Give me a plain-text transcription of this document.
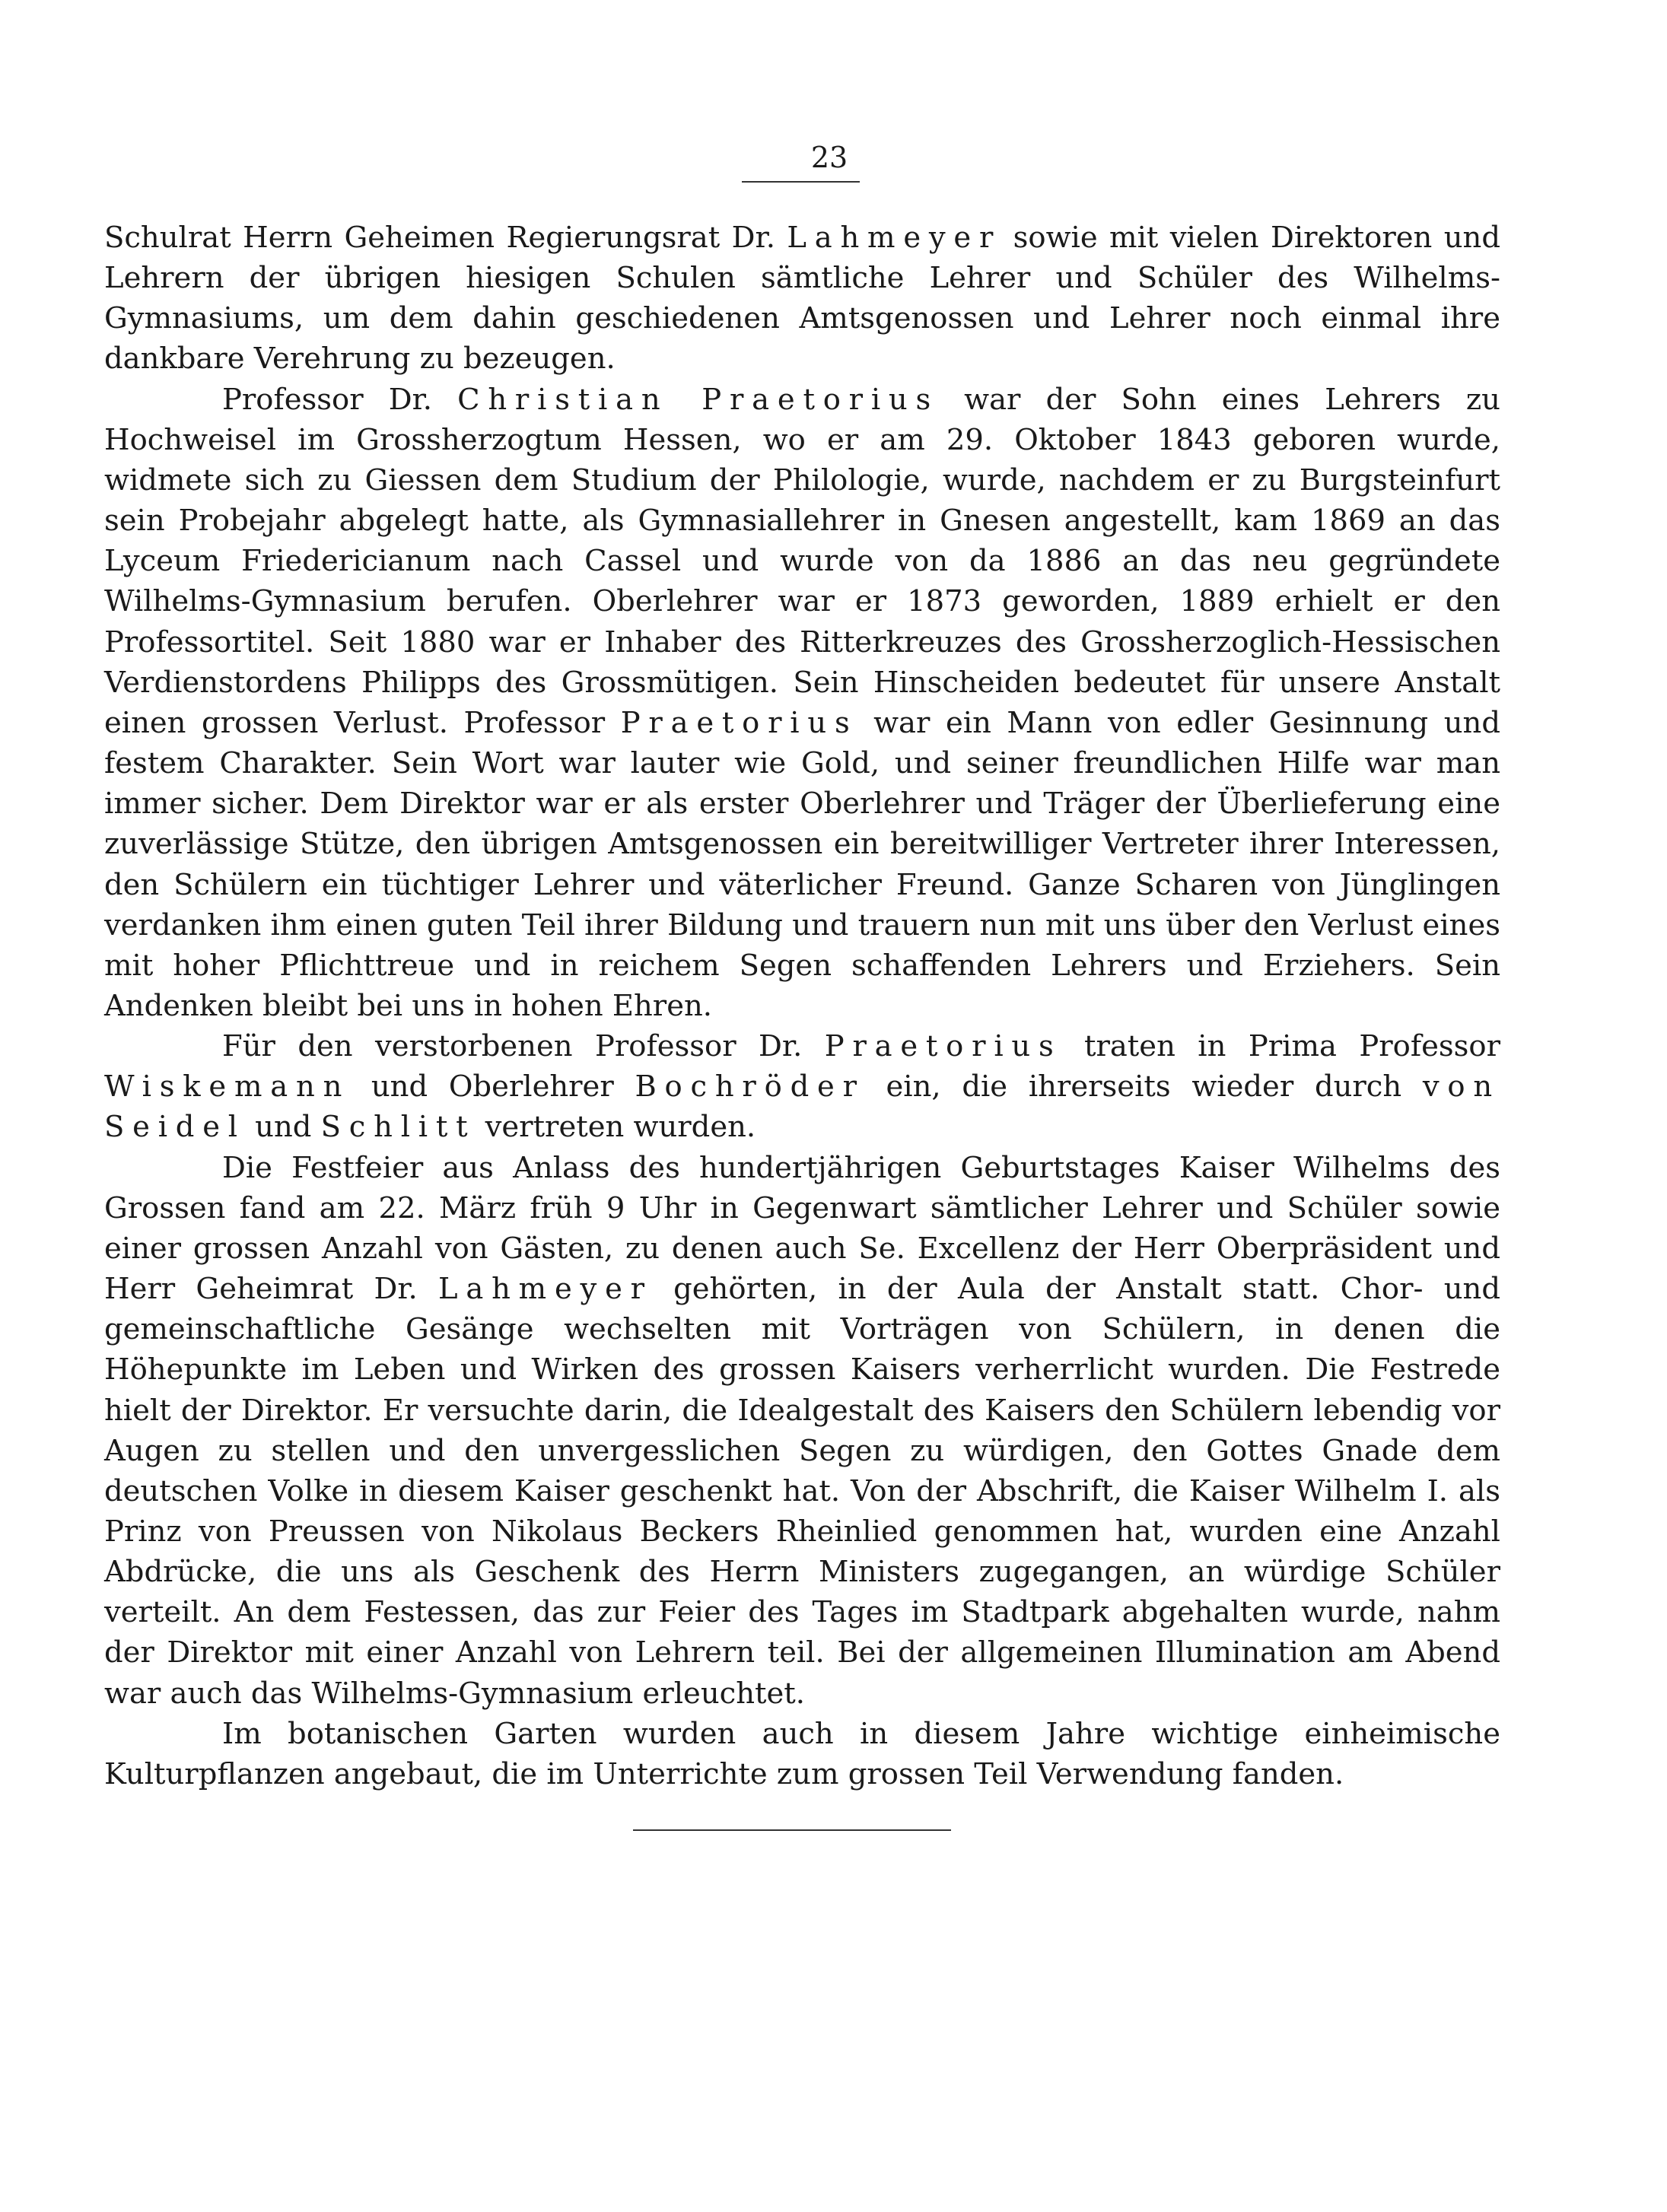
23

Schulrat Herrn Geheimen Regierungsrat Dr. Lahmeyer sowie mit vielen Direktoren und Lehrern der übrigen hiesigen Schulen sämtliche Lehrer und Schüler des Wilhelms-Gymnasiums, um dem dahin geschiedenen Amtsgenossen und Lehrer noch einmal ihre dankbare Verehrung zu bezeugen.

Professor Dr. Christian Praetorius war der Sohn eines Lehrers zu Hochweisel im Grossherzogtum Hessen, wo er am 29. Oktober 1843 geboren wurde, widmete sich zu Giessen dem Studium der Philologie, wurde, nachdem er zu Burgsteinfurt sein Probejahr abgelegt hatte, als Gymnasiallehrer in Gnesen angestellt, kam 1869 an das Lyceum Friedericianum nach Cassel und wurde von da 1886 an das neu gegründete Wilhelms-Gymnasium berufen. Oberlehrer war er 1873 geworden, 1889 erhielt er den Professortitel. Seit 1880 war er Inhaber des Ritterkreuzes des Grossherzoglich-Hessischen Verdienstordens Philipps des Grossmütigen. Sein Hinscheiden bedeutet für unsere Anstalt einen grossen Verlust. Professor Praetorius war ein Mann von edler Gesinnung und festem Charakter. Sein Wort war lauter wie Gold, und seiner freundlichen Hilfe war man immer sicher. Dem Direktor war er als erster Oberlehrer und Träger der Überlieferung eine zuverlässige Stütze, den übrigen Amtsgenossen ein bereitwilliger Vertreter ihrer Interessen, den Schülern ein tüchtiger Lehrer und väterlicher Freund. Ganze Scharen von Jünglingen verdanken ihm einen guten Teil ihrer Bildung und trauern nun mit uns über den Verlust eines mit hoher Pflichttreue und in reichem Segen schaffenden Lehrers und Erziehers. Sein Andenken bleibt bei uns in hohen Ehren.

Für den verstorbenen Professor Dr. Praetorius traten in Prima Professor Wiskemann und Oberlehrer Bochröder ein, die ihrerseits wieder durch von Seidel und Schlitt vertreten wurden.

Die Festfeier aus Anlass des hundertjährigen Geburtstages Kaiser Wilhelms des Grossen fand am 22. März früh 9 Uhr in Gegenwart sämtlicher Lehrer und Schüler sowie einer grossen Anzahl von Gästen, zu denen auch Se. Excellenz der Herr Oberpräsident und Herr Geheimrat Dr. Lahmeyer gehörten, in der Aula der Anstalt statt. Chor- und gemeinschaftliche Gesänge wechselten mit Vorträgen von Schülern, in denen die Höhepunkte im Leben und Wirken des grossen Kaisers verherrlicht wurden. Die Festrede hielt der Direktor. Er versuchte darin, die Idealgestalt des Kaisers den Schülern lebendig vor Augen zu stellen und den unvergesslichen Segen zu würdigen, den Gottes Gnade dem deutschen Volke in diesem Kaiser geschenkt hat. Von der Abschrift, die Kaiser Wilhelm I. als Prinz von Preussen von Nikolaus Beckers Rheinlied genommen hat, wurden eine Anzahl Abdrücke, die uns als Geschenk des Herrn Ministers zugegangen, an würdige Schüler verteilt. An dem Festessen, das zur Feier des Tages im Stadtpark abgehalten wurde, nahm der Direktor mit einer Anzahl von Lehrern teil. Bei der allgemeinen Illumination am Abend war auch das Wilhelms-Gymnasium erleuchtet.

Im botanischen Garten wurden auch in diesem Jahre wichtige einheimische Kulturpflanzen angebaut, die im Unterrichte zum grossen Teil Verwendung fanden.
